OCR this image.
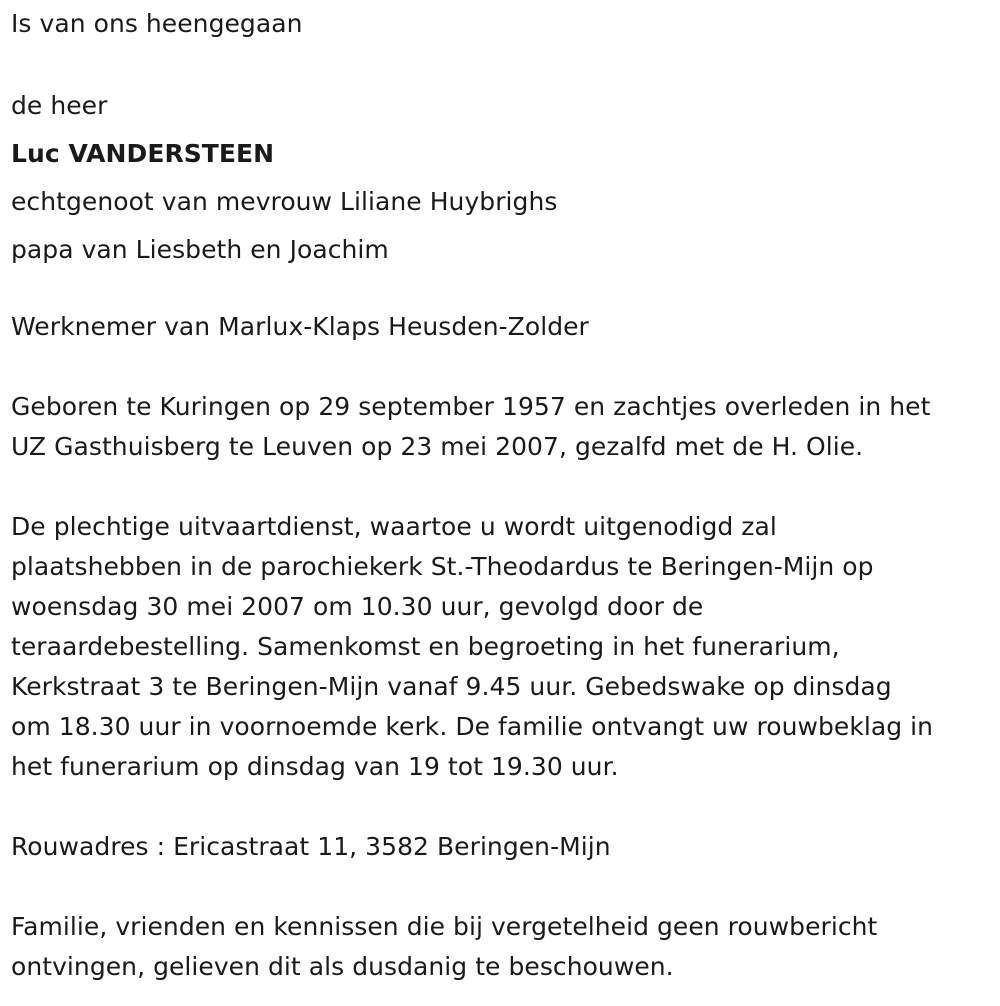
Is van ons heengegaan

de heer

Luc VANDERSTEEN

echtgenoot van mevrouw Liliane Huybrighs

papa van Liesbeth en Joachim

Werknemer van Marlux-Klaps Heusden-Zolder

Geboren te Kuringen op 29 september 1957 en zachtjes overleden in het

UZ Gasthuisberg te Leuven op 23 mei 2007, gezalfd met de H. Olie.

De plechtige uitvaartdienst, waartoe u wordt uitgenodigd zal

plaatshebben in de parochiekerk St.-Theodardus te Beringen-Mijn op

woensdag 30 mei 2007 om 10.30 uur, gevolgd door de

teraardebestelling. Samenkomst en begroeting in het funerarium,

Kerkstraat 3 te Beringen-Mijn vanaf 9.45 uur. Gebedswake op dinsdag

om 18.30 uur in voornoemde kerk. De familie ontvangt uw rouwbeklag in

het funerarium op dinsdag van 19 tot 19.30 uur.

Rouwadres : Ericastraat 11, 3582 Beringen-Mijn

Familie, vrienden en kennissen die bij vergetelheid geen rouwbericht

ontvingen, gelieven dit als dusdanig te beschouwen.
